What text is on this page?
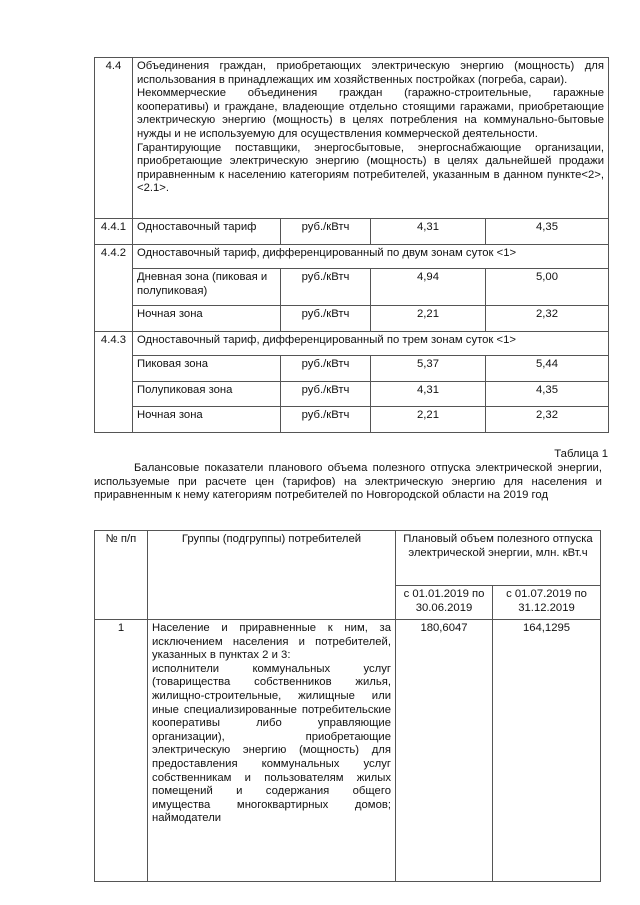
4.4	Объединения граждан, приобретающих электрическую энергию (мощность) для использования в принадлежащих им хозяйственных постройках (погреба, сараи).

Некоммерческие объединения граждан (гаражно-строительные, гаражные кооперативы) и граждане, владеющие отдельно стоящими гаражами, приобретающие электрическую энергию (мощность) в целях потребления на коммунально-бытовые нужды и не используемую для осуществления коммерческой деятельности.

Гарантирующие поставщики, энергосбытовые, энергоснабжающие организации, приобретающие электрическую энергию (мощность) в целях дальнейшей продажи приравненным к населению категориям потребителей, указанным в данном пункте<2>, <2.1>.			

4.4.1	Одноставочный тариф	руб./кВтч	4,31	4,35
4.4.2	Одноставочный тариф, дифференцированный по двум зонам суток <1>			
	Дневная зона (пиковая и полупиковая)	руб./кВтч	4,94	5,00
	Ночная зона	руб./кВтч	2,21	2,32
4.4.3	Одноставочный тариф, дифференцированный по трем зонам суток <1>			
	Пиковая зона	руб./кВтч	5,37	5,44
	Полупиковая зона	руб./кВтч	4,31	4,35
	Ночная зона	руб./кВтч	2,21	2,32
Таблица 1
Балансовые показатели планового объема полезного отпуска электрической энергии, используемые при расчете цен (тарифов) на электрическую энергию для населения и приравненным к нему категориям потребителей по Новгородской области на 2019 год
№ п/п	Группы (подгруппы) потребителей	Плановый объем полезного отпуска электрической энергии, млн. кВт.ч	
		с 01.01.2019 по 30.06.2019	с 01.07.2019 по 31.12.2019
1	Население и приравненные к ним, за исключением населения и потребителей, указанных в пунктах 2 и 3:

исполнители коммунальных услуг (товарищества собственников жилья, жилищно-строительные, жилищные или иные специализированные потребительские кооперативы либо управляющие организации), приобретающие электрическую энергию (мощность) для предоставления коммунальных услуг собственникам и пользователям жилых помещений и содержания общего имущества многоквартирных домов; наймодатели	180,6047	164,1295
